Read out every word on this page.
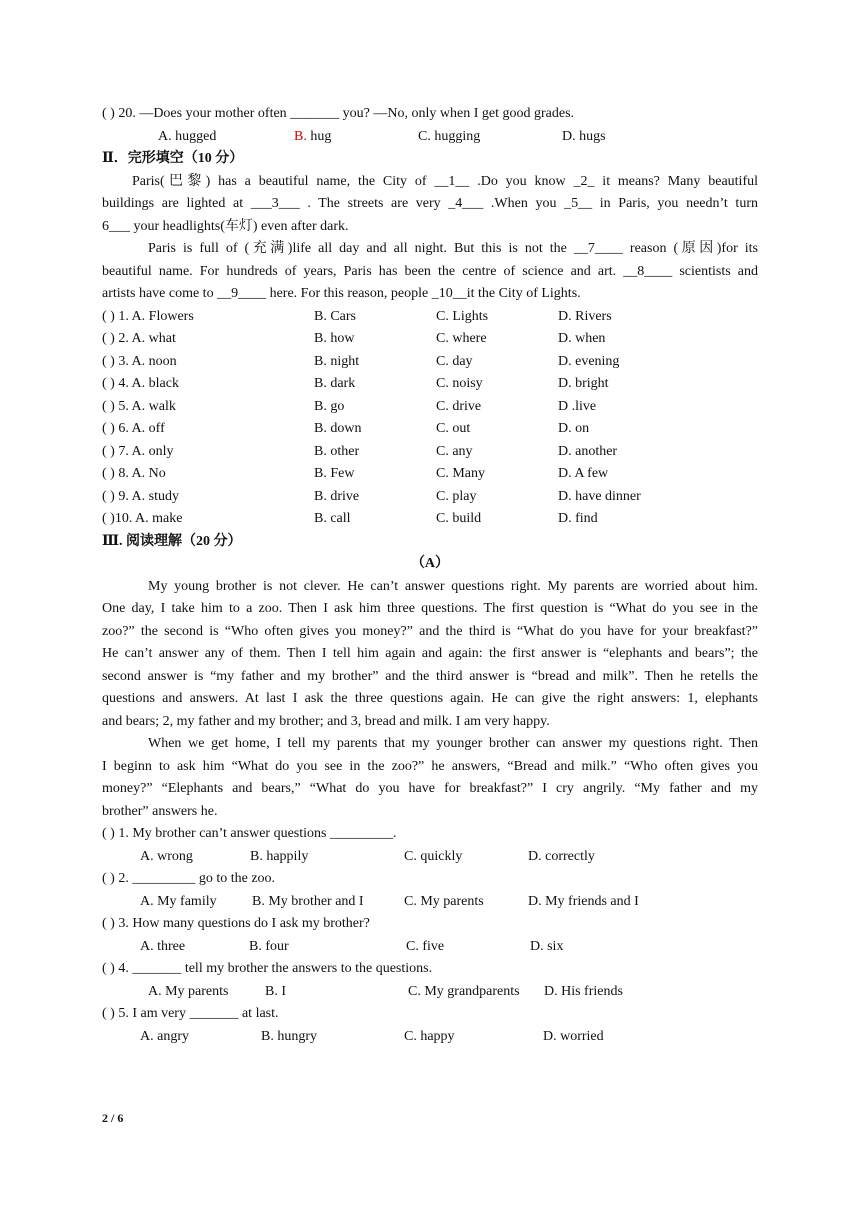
( ) 20. —Does your mother often _______ you? —No, only when I get good grades.
A. hugged	B. hug	C. hugging	D. hugs
Ⅱ．完形填空（10 分）
Paris(巴黎) has a beautiful name, the City of __1__ .Do you know _2_ it means? Many beautiful
buildings are lighted at ___3___ . The streets are very _4___ .When you _5__ in Paris, you needn’t turn
6___ your headlights(车灯) even after dark.
Paris is full of (充满)life all day and all night. But this is not the __7____ reason (原因)for its
beautiful name. For hundreds of years, Paris has been the centre of science and art. __8____ scientists and
artists have come to __9____ here. For this reason, people _10__it the City of Lights.
( ) 1. A. Flowers	B. Cars	C. Lights	D. Rivers
( ) 2. A. what	B. how	C. where	D. when
( ) 3. A. noon	B. night	C. day	D. evening
( ) 4. A. black	B. dark	C. noisy	D. bright
( ) 5. A. walk	B. go	C. drive	D .live
( ) 6. A. off	B. down	C. out	D. on
( ) 7. A. only	B. other	C. any	D. another
( ) 8. A. No	B. Few	C. Many	D. A few
( ) 9. A. study	B. drive	C. play	D. have dinner
( )10. A. make	B. call	C. build	D. find
Ⅲ. 阅读理解（20 分）
（A）
My young brother is not clever. He can’t answer questions right. My parents are worried about him.
One day, I take him to a zoo. Then I ask him three questions. The first question is “What do you see in the
zoo?” the second is “Who often gives you money?” and the third is “What do you have for your breakfast?”
He can’t answer any of them. Then I tell him again and again: the first answer is “elephants and bears”; the
second answer is “my father and my brother” and the third answer is “bread and milk”. Then he retells the
questions and answers. At last I ask the three questions again. He can give the right answers: 1, elephants
and bears; 2, my father and my brother; and 3, bread and milk. I am very happy.
When we get home, I tell my parents that my younger brother can answer my questions right. Then
I beginn to ask him “What do you see in the zoo?” he answers, “Bread and milk.” “Who often gives you
money?” “Elephants and bears,” “What do you have for breakfast?” I cry angrily. “My father and my
brother” answers he.
( ) 1. My brother can’t answer questions _________.
A. wrong	B. happily	C. quickly	D. correctly
( ) 2. _________ go to the zoo.
A. My family	B. My brother and I	C. My parents	D. My friends and I
( ) 3. How many questions do I ask my brother?
A. three	B. four	C. five	D. six
( ) 4. _______ tell my brother the answers to the questions.
A. My parents	B. I	C. My grandparents D. His friends
( ) 5. I am very _______ at last.
A. angry	B. hungry	C. happy	D. worried
2 / 6
